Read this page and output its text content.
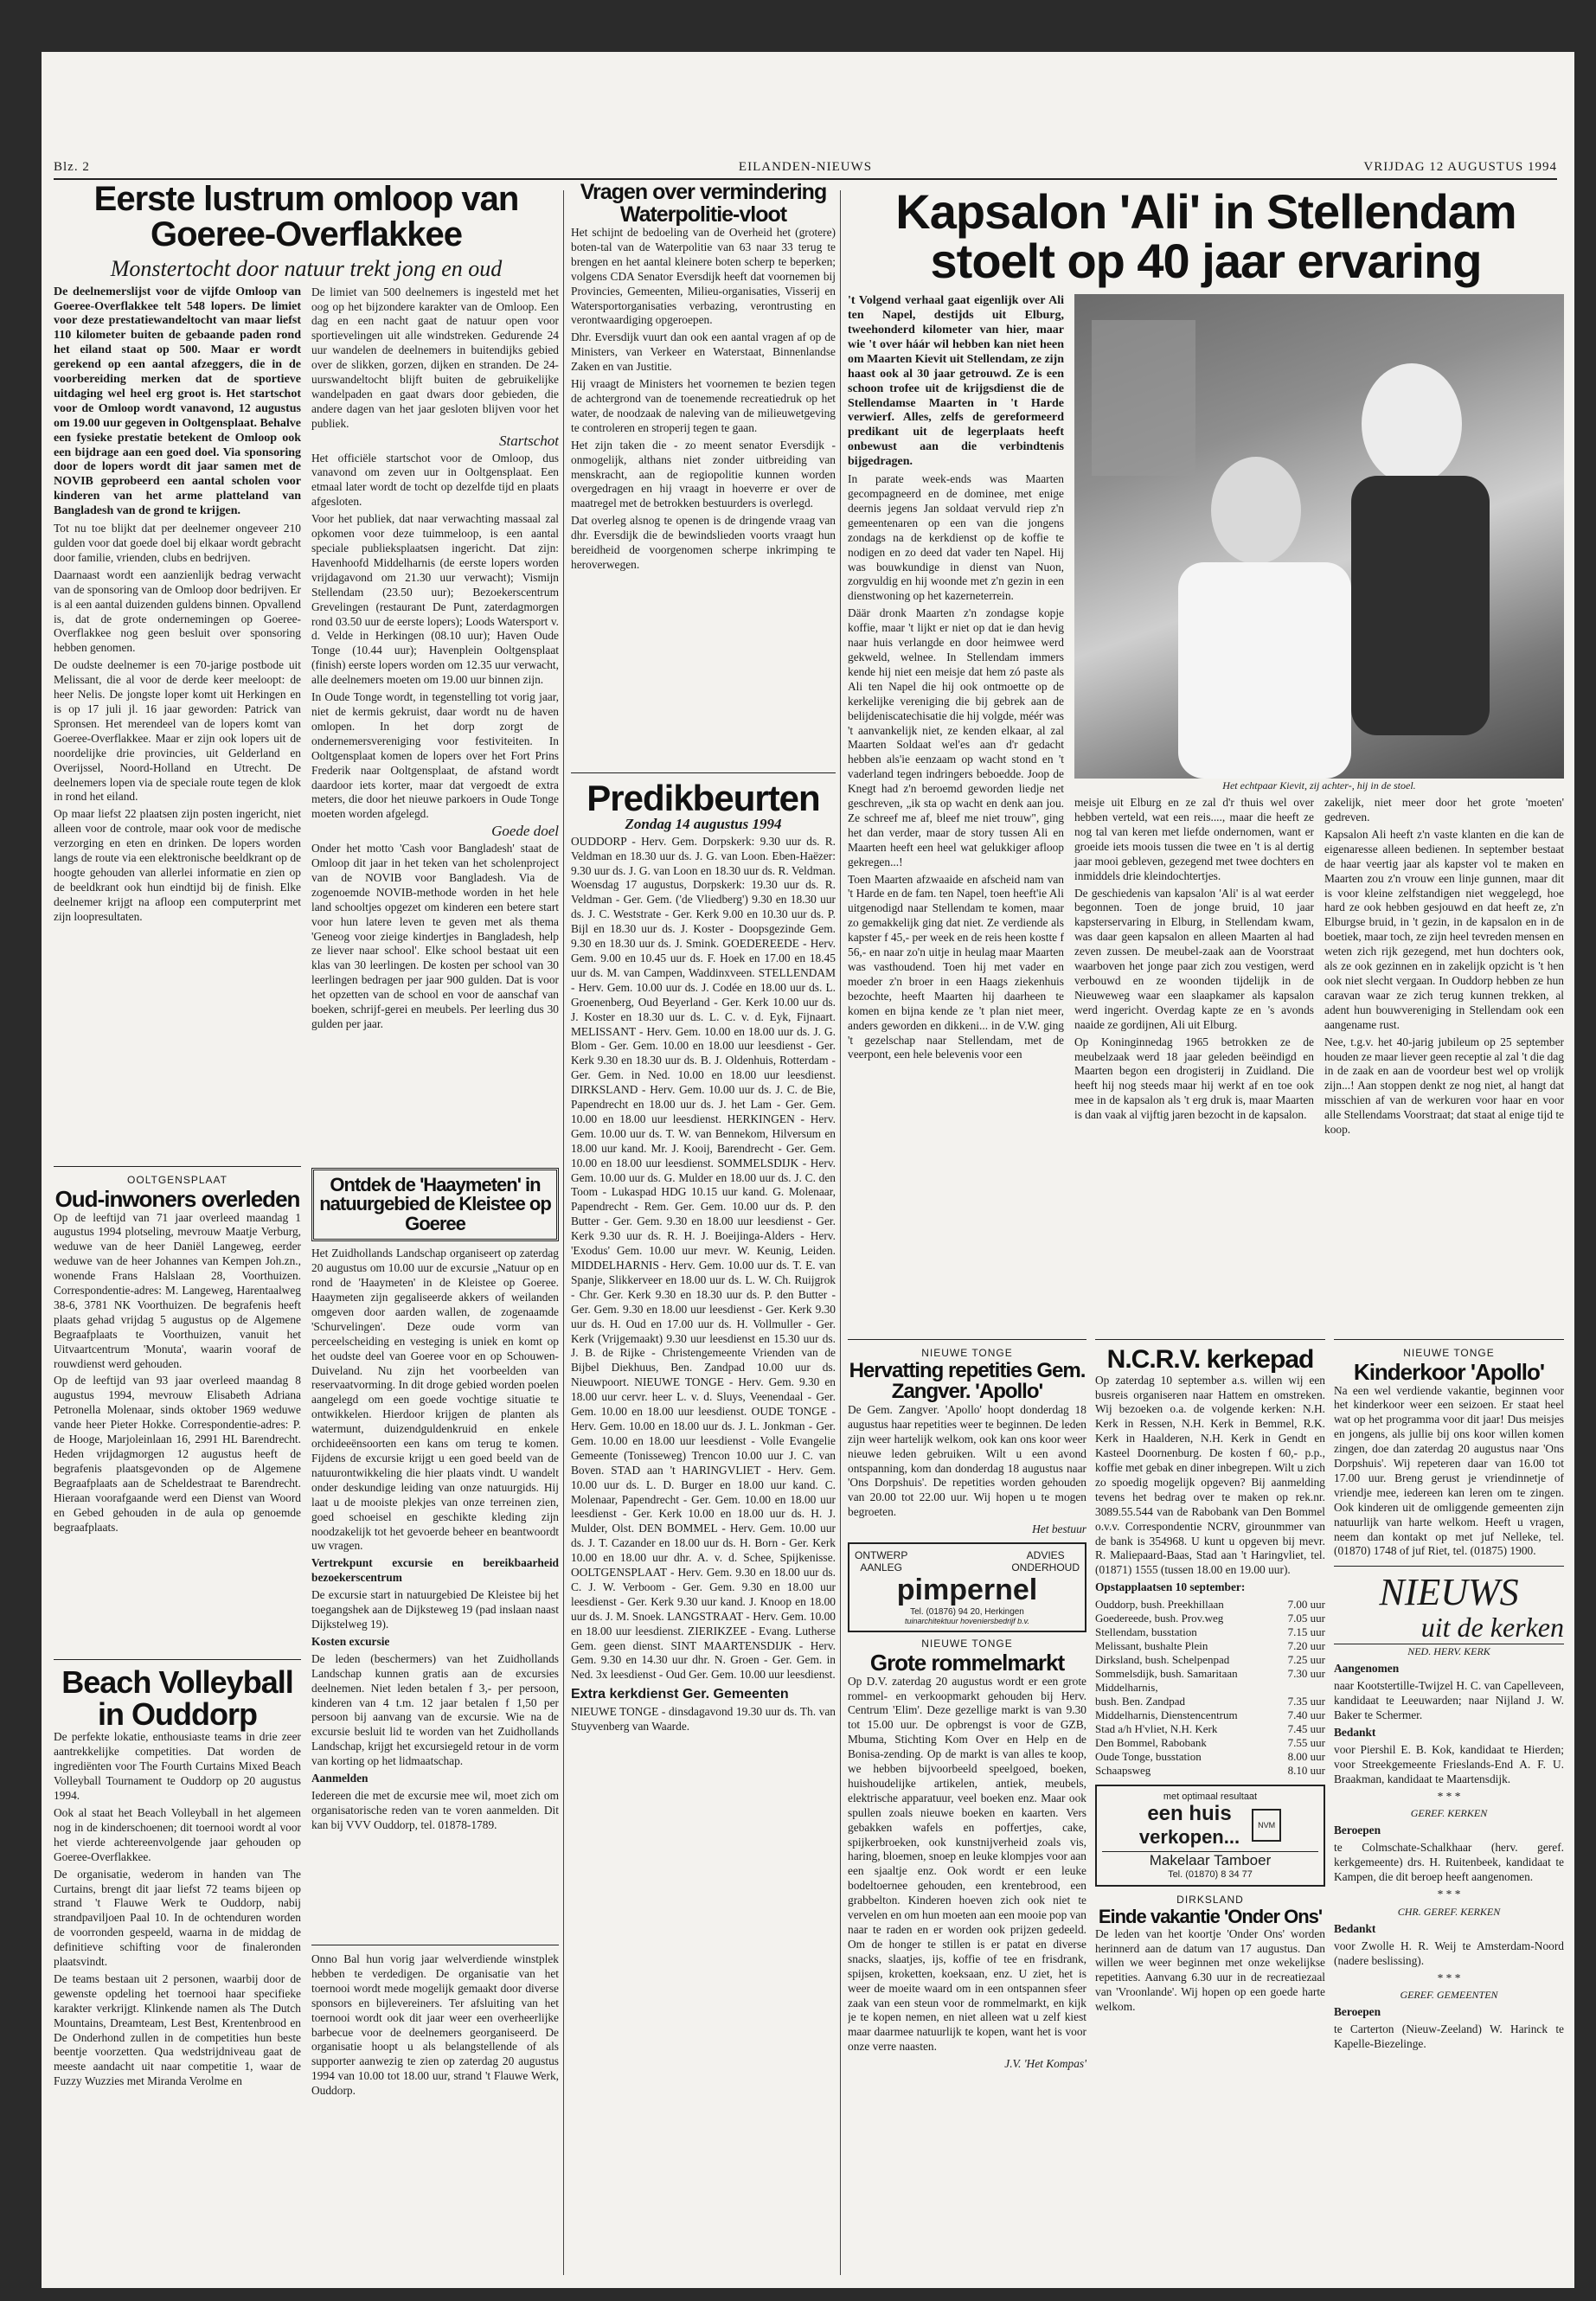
Blz. 2	EILANDEN-NIEUWS	VRIJDAG 12 AUGUSTUS 1994
Eerste lustrum omloop van Goeree-Overflakkee
Monstertocht door natuur trekt jong en oud

De deelnemerslijst voor de vijfde Omloop van Goeree-Overflakkee telt 548 lopers. De limiet voor deze prestatiewandeltocht van maar liefst 110 kilometer buiten de gebaande paden rond het eiland staat op 500. Maar er wordt gerekend op een aantal afzeggers, die in de voorbereiding merken dat de sportieve uitdaging wel heel erg groot is. Het startschot voor de Omloop wordt vanavond, 12 augustus om 19.00 uur gegeven in Ooltgensplaat. Behalve een fysieke prestatie betekent de Omloop ook een bijdrage aan een goed doel. Via sponsoring door de lopers wordt dit jaar samen met de NOVIB geprobeerd een aantal scholen voor kinderen van het arme platteland van Bangladesh van de grond te krijgen.

Tot nu toe blijkt dat per deelnemer ongeveer 210 gulden voor dat goede doel bij elkaar wordt gebracht door familie, vrienden, clubs en bedrijven.

Daarnaast wordt een aanzienlijk bedrag verwacht van de sponsoring van de Omloop door bedrijven. Er is al een aantal duizenden guldens binnen. Opvallend is, dat de grote ondernemingen op Goeree-Overflakkee nog geen besluit over sponsoring hebben genomen.

De oudste deelnemer is een 70-jarige postbode uit Melissant, die al voor de derde keer meeloopt: de heer Nelis. De jongste loper komt uit Herkingen en is op 17 juli jl. 16 jaar geworden: Patrick van Spronsen. Het merendeel van de lopers komt van Goeree-Overflakkee. Maar er zijn ook lopers uit de noordelijke drie provincies, uit Gelderland en Overijssel, Noord-Holland en Utrecht. De deelnemers lopen via de speciale route tegen de klok in rond het eiland.

Op maar liefst 22 plaatsen zijn posten ingericht, niet alleen voor de controle, maar ook voor de medische verzorging en eten en drinken. De lopers worden langs de route via een elektronische beeldkrant op de hoogte gehouden van allerlei informatie en zien op de beeldkrant ook hun eindtijd bij de finish. Elke deelnemer krijgt na afloop een computerprint met zijn loopresultaten.

De limiet van 500 deelnemers is ingesteld met het oog op het bijzondere karakter van de Omloop. Een dag en een nacht gaat de natuur open voor sportievelingen uit alle windstreken. Gedurende 24 uur wandelen de deelnemers in buitendijks gebied over de slikken, gorzen, dijken en stranden. De 24-uurswandeltocht blijft buiten de gebruikelijke wandelpaden en gaat dwars door gebieden, die andere dagen van het jaar gesloten blijven voor het publiek.

Startschot

Het officiële startschot voor de Omloop, dus vanavond om zeven uur in Ooltgensplaat. Een etmaal later wordt de tocht op dezelfde tijd en plaats afgesloten.

Voor het publiek, dat naar verwachting massaal zal opkomen voor deze tuimmeloop, is een aantal speciale publieksplaatsen ingericht. Dat zijn: Havenhoofd Middelharnis (de eerste lopers worden vrijdagavond om 21.30 uur verwacht); Vismijn Stellendam (23.50 uur); Bezoekerscentrum Grevelingen (restaurant De Punt, zaterdagmorgen rond 03.50 uur de eerste lopers); Loods Watersport v. d. Velde in Herkingen (08.10 uur); Haven Oude Tonge (10.44 uur); Havenplein Ooltgensplaat (finish) eerste lopers worden om 12.35 uur verwacht, alle deelnemers moeten om 19.00 uur binnen zijn.

In Oude Tonge wordt, in tegenstelling tot vorig jaar, niet de kermis gekruist, daar wordt nu de haven omlopen. In het dorp zorgt de ondernemersvereniging voor festiviteiten. In Ooltgensplaat komen de lopers over het Fort Prins Frederik naar Ooltgensplaat, de afstand wordt daardoor iets korter, maar dat vergoedt de extra meters, die door het nieuwe parkoers in Oude Tonge moeten worden afgelegd.

Goede doel

Onder het motto 'Cash voor Bangladesh' staat de Omloop dit jaar in het teken van het scholenproject van de NOVIB voor Bangladesh. Via de zogenoemde NOVIB-methode worden in het hele land schooltjes opgezet om kinderen een betere start voor hun latere leven te geven met als thema 'Geneog voor zieige kindertjes in Bangladesh, help ze liever naar school'. Elke school bestaat uit een klas van 30 leerlingen. De kosten per school van 30 leerlingen bedragen per jaar 900 gulden. Dat is voor het opzetten van de school en voor de aanschaf van boeken, schrijf-gerei en meubels. Per leerling dus 30 gulden per jaar.

OOLTGENSPLAAT
Oud-inwoners overleden

Op de leeftijd van 71 jaar overleed maandag 1 augustus 1994 plotseling, mevrouw Maatje Verburg, weduwe van de heer Daniël Langeweg, eerder weduwe van de heer Johannes van Kempen Joh.zn., wonende Frans Halslaan 28, Voorthuizen. Correspondentie-adres: M. Langeweg, Harentaalweg 38-6, 3781 NK Voorthuizen. De begrafenis heeft plaats gehad vrijdag 5 augustus op de Algemene Begraafplaats te Voorthuizen, vanuit het Uitvaartcentrum 'Monuta', waarin vooraf de rouwdienst werd gehouden.

Op de leeftijd van 93 jaar overleed maandag 8 augustus 1994, mevrouw Elisabeth Adriana Petronella Molenaar, sinds oktober 1969 weduwe vande heer Pieter Hokke. Correspondentie-adres: P. de Hooge, Marjoleinlaan 16, 2991 HL Barendrecht. Heden vrijdagmorgen 12 augustus heeft de begrafenis plaatsgevonden op de Algemene Begraafplaats aan de Scheldestraat te Barendrecht. Hieraan voorafgaande werd een Dienst van Woord en Gebed gehouden in de aula op genoemde begraafplaats.

Ontdek de 'Haaymeten' in natuurgebied de Kleistee op Goeree

Het Zuidhollands Landschap organiseert op zaterdag 20 augustus om 10.00 uur de excursie „Natuur op en rond de 'Haaymeten' in de Kleistee op Goeree. Haaymeten zijn gegaliseerde akkers of weilanden omgeven door aarden wallen, de zogenaamde 'Schurvelingen'. Deze oude vorm van perceelscheiding en vesteging is uniek en komt op het oudste deel van Goeree voor en op Schouwen-Duiveland. Nu zijn het voorbeelden van reservaatvorming. In dit droge gebied worden poelen aangelegd om een goede vochtige situatie te ontwikkelen. Hierdoor krijgen de planten als watermunt, duizendguldenkruid en enkele orchideeënsoorten een kans om terug te komen. Fijdens de excursie krijgt u een goed beeld van de natuurontwikkeling die hier plaats vindt. U wandelt onder deskundige leiding van onze natuurgids. Hij laat u de mooiste plekjes van onze terreinen zien, goed schoeisel en geschikte kleding zijn noodzakelijk tot het gevoerde beheer en beantwoordt uw vragen.

Vertrekpunt excursie en bereikbaarheid bezoekerscentrum

De excursie start in natuurgebied De Kleistee bij het toegangshek aan de Dijksteweg 19 (pad inslaan naast Dijkstelweg 19).

Kosten excursie

De leden (beschermers) van het Zuidhollands Landschap kunnen gratis aan de excursies deelnemen. Niet leden betalen f 3,- per persoon, kinderen van 4 t.m. 12 jaar betalen f 1,50 per persoon bij aanvang van de excursie. Wie na de excursie besluit lid te worden van het Zuidhollands Landschap, krijgt het excursiegeld retour in de vorm van korting op het lidmaatschap.

Aanmelden

Iedereen die met de excursie mee wil, moet zich om organisatorische reden van te voren aanmelden. Dit kan bij VVV Ouddorp, tel. 01878-1789.

Beach Volleyball in Ouddorp

De perfekte lokatie, enthousiaste teams in drie zeer aantrekkelijke competities. Dat worden de ingrediënten voor The Fourth Curtains Mixed Beach Volleyball Tournament te Ouddorp op 20 augustus 1994.

Ook al staat het Beach Volleyball in het algemeen nog in de kinderschoenen; dit toernooi wordt al voor het vierde achtereenvolgende jaar gehouden op Goeree-Overflakkee.

De organisatie, wederom in handen van The Curtains, brengt dit jaar liefst 72 teams bijeen op strand 't Flauwe Werk te Ouddorp, nabij strandpaviljoen Paal 10. In de ochtenduren worden de voorronden gespeeld, waarna in de middag de definitieve schifting voor de finaleronden plaatsvindt.

De teams bestaan uit 2 personen, waarbij door de gewenste opdeling het toernooi haar specifieke karakter verkrijgt. Klinkende namen als The Dutch Mountains, Dreamteam, Lest Best, Krentenbrood en De Onderhond zullen in de competities hun beste beentje voorzetten. Qua wedstrijdniveau gaat de meeste aandacht uit naar competitie 1, waar de Fuzzy Wuzzies met Miranda Verolme en

Onno Bal hun vorig jaar welverdiende winstplek hebben te verdedigen. De organisatie van het toernooi wordt mede mogelijk gemaakt door diverse sponsors en bijlevereiners. Ter afsluiting van het toernooi wordt ook dit jaar weer een overheerlijke barbecue voor de deelnemers georganiseerd. De organisatie hoopt u als belangstellende of als supporter aanwezig te zien op zaterdag 20 augustus 1994 van 10.00 tot 18.00 uur, strand 't Flauwe Werk, Ouddorp.

Vragen over vermindering Waterpolitie-vloot

Het schijnt de bedoeling van de Overheid het (grotere) boten-tal van de Waterpolitie van 63 naar 33 terug te brengen en het aantal kleinere boten scherp te beperken; volgens CDA Senator Eversdijk heeft dat voornemen bij Provincies, Gemeenten, Milieu-organisaties, Visserij en Watersportorganisaties verbazing, verontrusting en verontwaardiging opgeroepen.

Dhr. Eversdijk vuurt dan ook een aantal vragen af op de Ministers, van Verkeer en Waterstaat, Binnenlandse Zaken en van Justitie.

Hij vraagt de Ministers het voornemen te bezien tegen de achtergrond van de toenemende recreatiedruk op het water, de noodzaak de naleving van de milieuwetgeving te controleren en stroperij tegen te gaan.

Het zijn taken die - zo meent senator Eversdijk - onmogelijk, althans niet zonder uitbreiding van menskracht, aan de regiopolitie kunnen worden overgedragen en hij vraagt in hoeverre er over de maatregel met de betrokken bestuurders is overlegd.

Dat overleg alsnog te openen is de dringende vraag van dhr. Eversdijk die de bewindslieden voorts vraagt hun bereidheid de voorgenomen scherpe inkrimping te heroverwegen.

Predikbeurten

Zondag 14 augustus 1994

OUDDORP - Herv. Gem. Dorpskerk: 9.30 uur ds. R. Veldman en 18.30 uur ds. J. G. van Loon. Eben-Haëzer: 9.30 uur ds. J. G. van Loon en 18.30 uur ds. R. Veldman. Woensdag 17 augustus, Dorpskerk: 19.30 uur ds. R. Veldman - Ger. Gem. ('de Vliedberg') 9.30 en 18.30 uur ds. J. C. Weststrate - Ger. Kerk 9.00 en 10.30 uur ds. P. Bijl en 18.30 uur ds. J. Koster - Doopsgezinde Gem. 9.30 en 18.30 uur ds. J. Smink. GOEDEREEDE - Herv. Gem. 9.00 en 10.45 uur ds. F. Hoek en 17.00 en 18.45 uur ds. M. van Campen, Waddinxveen. STELLENDAM - Herv. Gem. 10.00 uur ds. J. Codée en 18.00 uur ds. L. Groenenberg, Oud Beyerland - Ger. Kerk 10.00 uur ds. J. Koster en 18.30 uur ds. L. C. v. d. Eyk, Fijnaart. MELISSANT - Herv. Gem. 10.00 en 18.00 uur ds. J. G. Blom - Ger. Gem. 10.00 en 18.00 uur leesdienst - Ger. Kerk 9.30 en 18.30 uur ds. B. J. Oldenhuis, Rotterdam - Ger. Gem. in Ned. 10.00 en 18.00 uur leesdienst. DIRKSLAND - Herv. Gem. 10.00 uur ds. J. C. de Bie, Papendrecht en 18.00 uur ds. J. het Lam - Ger. Gem. 10.00 en 18.00 uur leesdienst. HERKINGEN - Herv. Gem. 10.00 uur ds. T. W. van Bennekom, Hilversum en 18.00 uur kand. Mr. J. Kooij, Barendrecht - Ger. Gem. 10.00 en 18.00 uur leesdienst. SOMMELSDIJK - Herv. Gem. 10.00 uur ds. G. Mulder en 18.00 uur ds. J. C. den Toom - Lukaspad HDG 10.15 uur kand. G. Molenaar, Papendrecht - Rem. Ger. Gem. 10.00 uur ds. P. den Butter - Ger. Gem. 9.30 en 18.00 uur leesdienst - Ger. Kerk 9.30 uur ds. R. H. J. Boeijinga-Alders - Herv. 'Exodus' Gem. 10.00 uur mevr. W. Keunig, Leiden. MIDDELHARNIS - Herv. Gem. 10.00 uur ds. T. E. van Spanje, Slikkerveer en 18.00 uur ds. L. W. Ch. Ruijgrok - Chr. Ger. Kerk 9.30 en 18.30 uur ds. P. den Butter - Ger. Gem. 9.30 en 18.00 uur leesdienst - Ger. Kerk 9.30 uur ds. H. Oud en 17.00 uur ds. H. Vollmuller - Ger. Kerk (Vrijgemaakt) 9.30 uur leesdienst en 15.30 uur ds. J. B. de Rijke - Christengemeente Vrienden van de Bijbel Diekhuus, Ben. Zandpad 10.00 uur ds. Nieuwpoort. NIEUWE TONGE - Herv. Gem. 9.30 en 18.00 uur cervr. heer L. v. d. Sluys, Veenendaal - Ger. Gem. 10.00 en 18.00 uur leesdienst. OUDE TONGE - Herv. Gem. 10.00 en 18.00 uur ds. J. L. Jonkman - Ger. Gem. 10.00 en 18.00 uur leesdienst - Volle Evangelie Gemeente (Tonisseweg) Trencon 10.00 uur J. C. van Boven. STAD aan 't HARINGVLIET - Herv. Gem. 10.00 uur ds. L. D. Burger en 18.00 uur kand. C. Molenaar, Papendrecht - Ger. Gem. 10.00 en 18.00 uur leesdienst - Ger. Kerk 10.00 en 18.00 uur ds. H. J. Mulder, Olst. DEN BOMMEL - Herv. Gem. 10.00 uur ds. J. T. Cazander en 18.00 uur ds. H. Born - Ger. Kerk 10.00 en 18.00 uur dhr. A. v. d. Schee, Spijkenisse. OOLTGENSPLAAT - Herv. Gem. 9.30 en 18.00 uur ds. C. J. W. Verboom - Ger. Gem. 9.30 en 18.00 uur leesdienst - Ger. Kerk 9.30 uur kand. J. Knoop en 18.00 uur ds. J. M. Snoek. LANGSTRAAT - Herv. Gem. 10.00 en 18.00 uur leesdienst. ZIERIKZEE - Evang. Lutherse Gem. geen dienst. SINT MAARTENSDIJK - Herv. Gem. 9.30 en 14.30 uur dhr. N. Groen - Ger. Gem. in Ned. 3x leesdienst - Oud Ger. Gem. 10.00 uur leesdienst.

Extra kerkdienst Ger. Gemeenten

NIEUWE TONGE - dinsdagavond 19.30 uur ds. Th. van Stuyvenberg van Waarde.

Kapsalon 'Ali' in Stellendam stoelt op 40 jaar ervaring

't Volgend verhaal gaat eigenlijk over Ali ten Napel, destijds uit Elburg, tweehonderd kilometer van hier, maar wie 't over háár wil hebben kan niet heen om Maarten Kievit uit Stellendam, ze zijn haast ook al 30 jaar getrouwd. Ze is een schoon trofee uit de krijgsdienst die de Stellendamse Maarten in 't Harde verwierf. Alles, zelfs de gereformeerd predikant uit de legerplaats heeft onbewust aan die verbindtenis bijgedragen.

In parate week-ends was Maarten gecompagneerd en de dominee, met enige deernis jegens Jan soldaat vervuld riep z'n gemeentenaren op een van die jongens zondags na de kerkdienst op de koffie te nodigen en zo deed dat vader ten Napel. Hij was bouwkundige in dienst van Nuon, zorgvuldig en hij woonde met z'n gezin in een dienstwoning op het kazerneterrein.

Däär dronk Maarten z'n zondagse kopje koffie, maar 't lijkt er niet op dat ie dan hevig naar huis verlangde en door heimwee werd gekweld, welnee. In Stellendam immers kende hij niet een meisje dat hem zó paste als Ali ten Napel die hij ook ontmoette op de kerkelijke vereniging die bij gebrek aan de belijdeniscatechisatie die hij volgde, méér was 't aanvankelijk niet, ze kenden elkaar, al zal Maarten Soldaat wel'es aan d'r gedacht hebben als'ie eenzaam op wacht stond en 't vaderland tegen indringers beboedde. Joop de Knegt had z'n beroemd geworden liedje net geschreven, „ik sta op wacht en denk aan jou. Ze schreef me af, bleef me niet trouw", ging het dan verder, maar de story tussen Ali en Maarten heeft een heel wat gelukkiger afloop gekregen...!

Toen Maarten afzwaaide en afscheid nam van 't Harde en de fam. ten Napel, toen heeft'ie Ali uitgenodigd naar Stellendam te komen, maar zo gemakkelijk ging dat niet. Ze verdiende als kapster f 45,- per week en de reis heen kostte f 56,- en naar zo'n uitje in heulag maar Maarten was vasthoudend. Toen hij met vader en moeder z'n broer in een Haags ziekenhuis bezochte, heeft Maarten hij daarheen te komen en bijna kende ze 't plan niet meer, anders geworden en dikkeni... in de V.W. ging 't gezelschap naar Stellendam, met de veerpont, een hele belevenis voor een

Het echtpaar Kievit, zij achter-, hij in de stoel.

meisje uit Elburg en ze zal d'r thuis wel over hebben verteld, wat een reis...., maar die heeft ze nog tal van keren met liefde ondernomen, want er groeide iets moois tussen die twee en 't is al dertig jaar mooi gebleven, gezegend met twee dochters en inmiddels drie kleindochtertjes.

De geschiedenis van kapsalon 'Ali' is al wat eerder begonnen. Toen de jonge bruid, 10 jaar kapsterservaring in Elburg, in Stellendam kwam, was daar geen kapsalon en alleen Maarten al had zeven zussen. De meubel-zaak aan de Voorstraat waarboven het jonge paar zich zou vestigen, werd verbouwd en ze woonden tijdelijk in de Nieuweweg waar een slaapkamer als kapsalon werd ingericht. Overdag kapte ze en 's avonds naaide ze gordijnen, Ali uit Elburg.

Op Koninginnedag 1965 betrokken ze de meubelzaak werd 18 jaar geleden beëindigd en Maarten begon een drogisterij in Zuidland. Die heeft hij nog steeds maar hij werkt af en toe ook mee in de kapsalon als 't erg druk is, maar Maarten is dan vaak al vijftig jaren bezocht in de kapsalon.

zakelijk, niet meer door het grote 'moeten' gedreven.

Kapsalon Ali heeft z'n vaste klanten en die kan de eigenaresse alleen bedienen. In september bestaat de haar veertig jaar als kapster vol te maken en Maarten zou z'n vrouw een linje gunnen, maar dit is voor kleine zelfstandigen niet weggelegd, hoe hard ze ook hebben gesjouwd en dat heeft ze, z'n Elburgse bruid, in 't gezin, in de kapsalon en in de boetiek, maar toch, ze zijn heel tevreden mensen en weten zich rijk gezegend, met hun dochters ook, als ze ook gezinnen en in zakelijk opzicht is 't hen ook niet slecht vergaan. In Ouddorp hebben ze hun caravan waar ze zich terug kunnen trekken, al adent hun bouwvereniging in Stellendam ook een aangename rust.

Nee, t.g.v. het 40-jarig jubileum op 25 september houden ze maar liever geen receptie al zal 't die dag in de zaak en aan de voordeur best wel op vrolijk zijn...! Aan stoppen denkt ze nog niet, al hangt dat misschien af van de werkuren voor haar en voor alle Stellendams Voorstraat; dat staat al enige tijd te koop.

NIEUWE TONGE
Hervatting repetities Gem. Zangver. 'Apollo'

De Gem. Zangver. 'Apollo' hoopt donderdag 18 augustus haar repetities weer te beginnen. De leden zijn weer hartelijk welkom, ook kan ons koor weer nieuwe leden gebruiken. Wilt u een avond ontspanning, kom dan donderdag 18 augustus naar 'Ons Dorpshuis'. De repetities worden gehouden van 20.00 tot 22.00 uur. Wij hopen u te mogen begroeten.

Het bestuur

ONTWERP
AANLEG
ADVIES
ONDERHOUD
pimpernel
Tel. (01876) 94 20, Herkingen
tuinarchitektuur hoveniersbedrijf b.v.
NIEUWE TONGE
Grote rommelmarkt

Op D.V. zaterdag 20 augustus wordt er een grote rommel- en verkoopmarkt gehouden bij Herv. Centrum 'Elim'. Deze gezellige markt is van 9.30 tot 15.00 uur. De opbrengst is voor de GZB, Mbuma, Stichting Kom Over en Help en de Bonisa-zending. Op de markt is van alles te koop, we hebben bijvoorbeeld speelgoed, boeken, huishoudelijke artikelen, antiek, meubels, elektrische apparatuur, veel boeken enz. Maar ook spullen zoals nieuwe boeken en kaarten. Vers gebakken wafels en poffertjes, cake, spijkerbroeken, ook kunstnijverheid zoals vis, haring, bloemen, snoep en leuke klompjes voor aan een sjaaltje enz. Ook wordt er een leuke bodeltoernee gehouden, een krentebrood, een grabbelton. Kinderen hoeven zich ook niet te vervelen en om hun moeten aan een mooie pop van naar te raden en er worden ook prijzen gedeeld. Om de honger te stillen is er patat en diverse snacks, slaatjes, ijs, koffie of tee en frisdrank, spijsen, kroketten, koeksaan, enz. U ziet, het is weer de moeite waard om in een ontspannen sfeer zaak van een steun voor de rommelmarkt, en kijk je te kopen nemen, en niet alleen wat u zelf kiest maar daarmee natuurlijk te kopen, want het is voor onze verre naasten.

J.V. 'Het Kompas'

N.C.R.V. kerkepad

Op zaterdag 10 september a.s. willen wij een busreis organiseren naar Hattem en omstreken. Wij bezoeken o.a. de volgende kerken: N.H. Kerk in Ressen, N.H. Kerk in Bemmel, R.K. Kerk in Haalderen, N.H. Kerk in Gendt en Kasteel Doornenburg. De kosten f 60,- p.p., koffie met gebak en diner inbegrepen. Wilt u zich zo spoedig mogelijk opgeven? Bij aanmelding tevens het bedrag over te maken op rek.nr. 3089.55.544 van de Rabobank van Den Bommel o.v.v. Correspondentie NCRV, girounmmer van de bank is 354968. U kunt u opgeven bij mevr. R. Maliepaard-Baas, Stad aan 't Haringvliet, tel. (01871) 1555 (tussen 18.00 en 19.00 uur).

Opstapplaatsen 10 september:

Ouddorp, bush. Preekhillaan	7.00 uur
Goedereede, bush. Prov.weg	7.05 uur
Stellendam, busstation	7.15 uur
Melissant, bushalte Plein	7.20 uur
Dirksland, bush. Schelpenpad	7.25 uur
Sommelsdijk, bush. Samaritaan	7.30 uur
Middelharnis,
bush. Ben. Zandpad	7.35 uur
Middelharnis, Dienstencentrum	7.40 uur
Stad a/h H'vliet, N.H. Kerk	7.45 uur
Den Bommel, Rabobank	7.55 uur
Oude Tonge, busstation	8.00 uur
Schaapsweg	8.10 uur
met optimaal resultaat
een huis
verkopen...
NVM
Makelaar Tamboer
Tel. (01870) 8 34 77
DIRKSLAND
Einde vakantie 'Onder Ons'

De leden van het koortje 'Onder Ons' worden herinnerd aan de datum van 17 augustus. Dan willen we weer beginnen met onze wekelijkse repetities. Aanvang 6.30 uur in de recreatiezaal van 'Vroonlande'. Wij hopen op een goede harte welkom.

NIEUWE TONGE
Kinderkoor 'Apollo'

Na een wel verdiende vakantie, beginnen voor het kinderkoor weer een seizoen. Er staat heel wat op het programma voor dit jaar! Dus meisjes en jongens, als jullie bij ons koor willen komen zingen, doe dan zaterdag 20 augustus naar 'Ons Dorpshuis'. Wij repeteren daar van 16.00 tot 17.00 uur. Breng gerust je vriendinnetje of vriendje mee, iedereen kan leren om te zingen. Ook kinderen uit de omliggende gemeenten zijn natuurlijk van harte welkom. Heeft u vragen, neem dan kontakt op met juf Nelleke, tel. (01870) 1748 of juf Riet, tel. (01875) 1900.

NIEUWS
uit de kerken

NED. HERV. KERK

Aangenomen

naar Kootstertille-Twijzel H. C. van Capelleveen, kandidaat te Leeuwarden; naar Nijland J. W. Baker te Schermer.

Bedankt

voor Piershil E. B. Kok, kandidaat te Hierden; voor Streekgemeente Frieslands-End A. F. U. Braakman, kandidaat te Maartensdijk.

* * *

GEREF. KERKEN

Beroepen

te Colmschate-Schalkhaar (herv. geref. kerkgemeente) drs. H. Ruitenbeek, kandidaat te Kampen, die dit beroep heeft aangenomen.

* * *

CHR. GEREF. KERKEN

Bedankt

voor Zwolle H. R. Weij te Amsterdam-Noord (nadere beslissing).

* * *

GEREF. GEMEENTEN

Beroepen

te Carterton (Nieuw-Zeeland) W. Harinck te Kapelle-Biezelinge.
